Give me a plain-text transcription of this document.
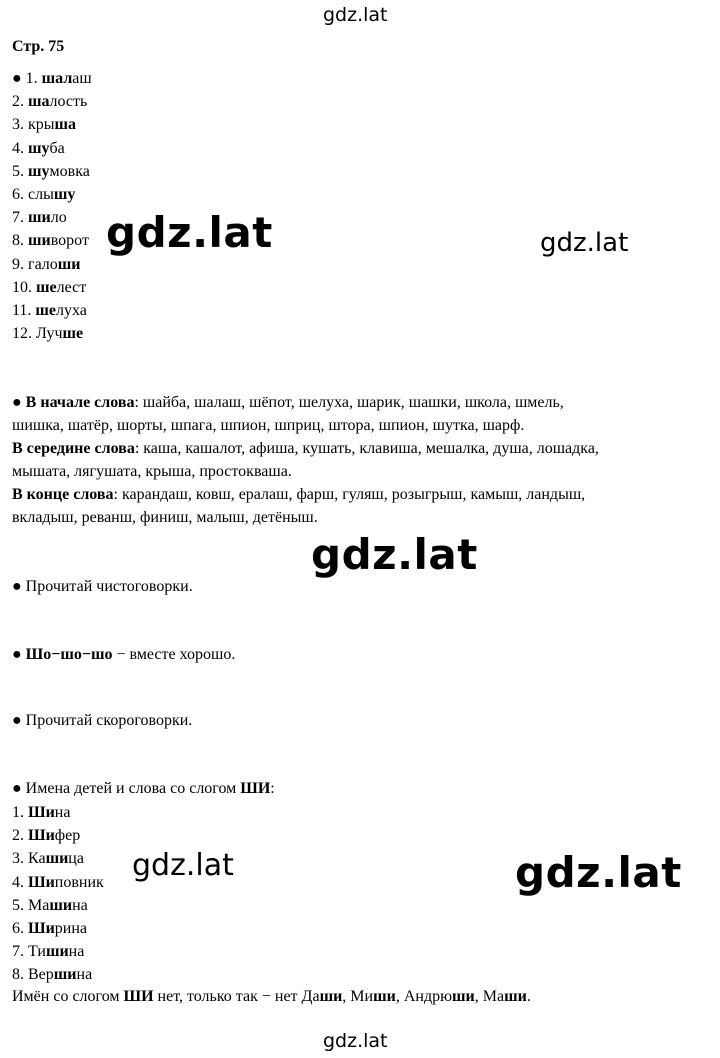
gdz.lat
gdz.lat	gdz.lat
gdz.lat
gdz.lat	gdz.lat
gdz.lat
Стр. 75
● 1. шалаш
2. шалость
3. крыша
4. шуба
5. шумовка
6. слышу
7. шило
8. шиворот
9. галоши
10. шелест
11. шелуха
12. Лучше
● В начале слова: шайба, шалаш, шёпот, шелуха, шарик, шашки, школа, шмель,
шишка, шатёр, шорты, шпага, шпион, шприц, штора, шпион, шутка, шарф.
В середине слова: каша, кашалот, афиша, кушать, клавиша, мешалка, душа, лошадка,
мышата, лягушата, крыша, простокваша.
В конце слова: карандаш, ковш, ералаш, фарш, гуляш, розыгрыш, камыш, ландыш,
вкладыш, реванш, финиш, малыш, детёныш.
● Прочитай чистоговорки.
● Шо−шо−шо − вместе хорошо.
● Прочитай скороговорки.
● Имена детей и слова со слогом ШИ:
1. Шина
2. Шифер
3. Кашица
4. Шиповник
5. Машина
6. Ширина
7. Тишина
8. Вершина
Имён со слогом ШИ нет, только так − нет Даши, Миши, Андрюши, Маши.
